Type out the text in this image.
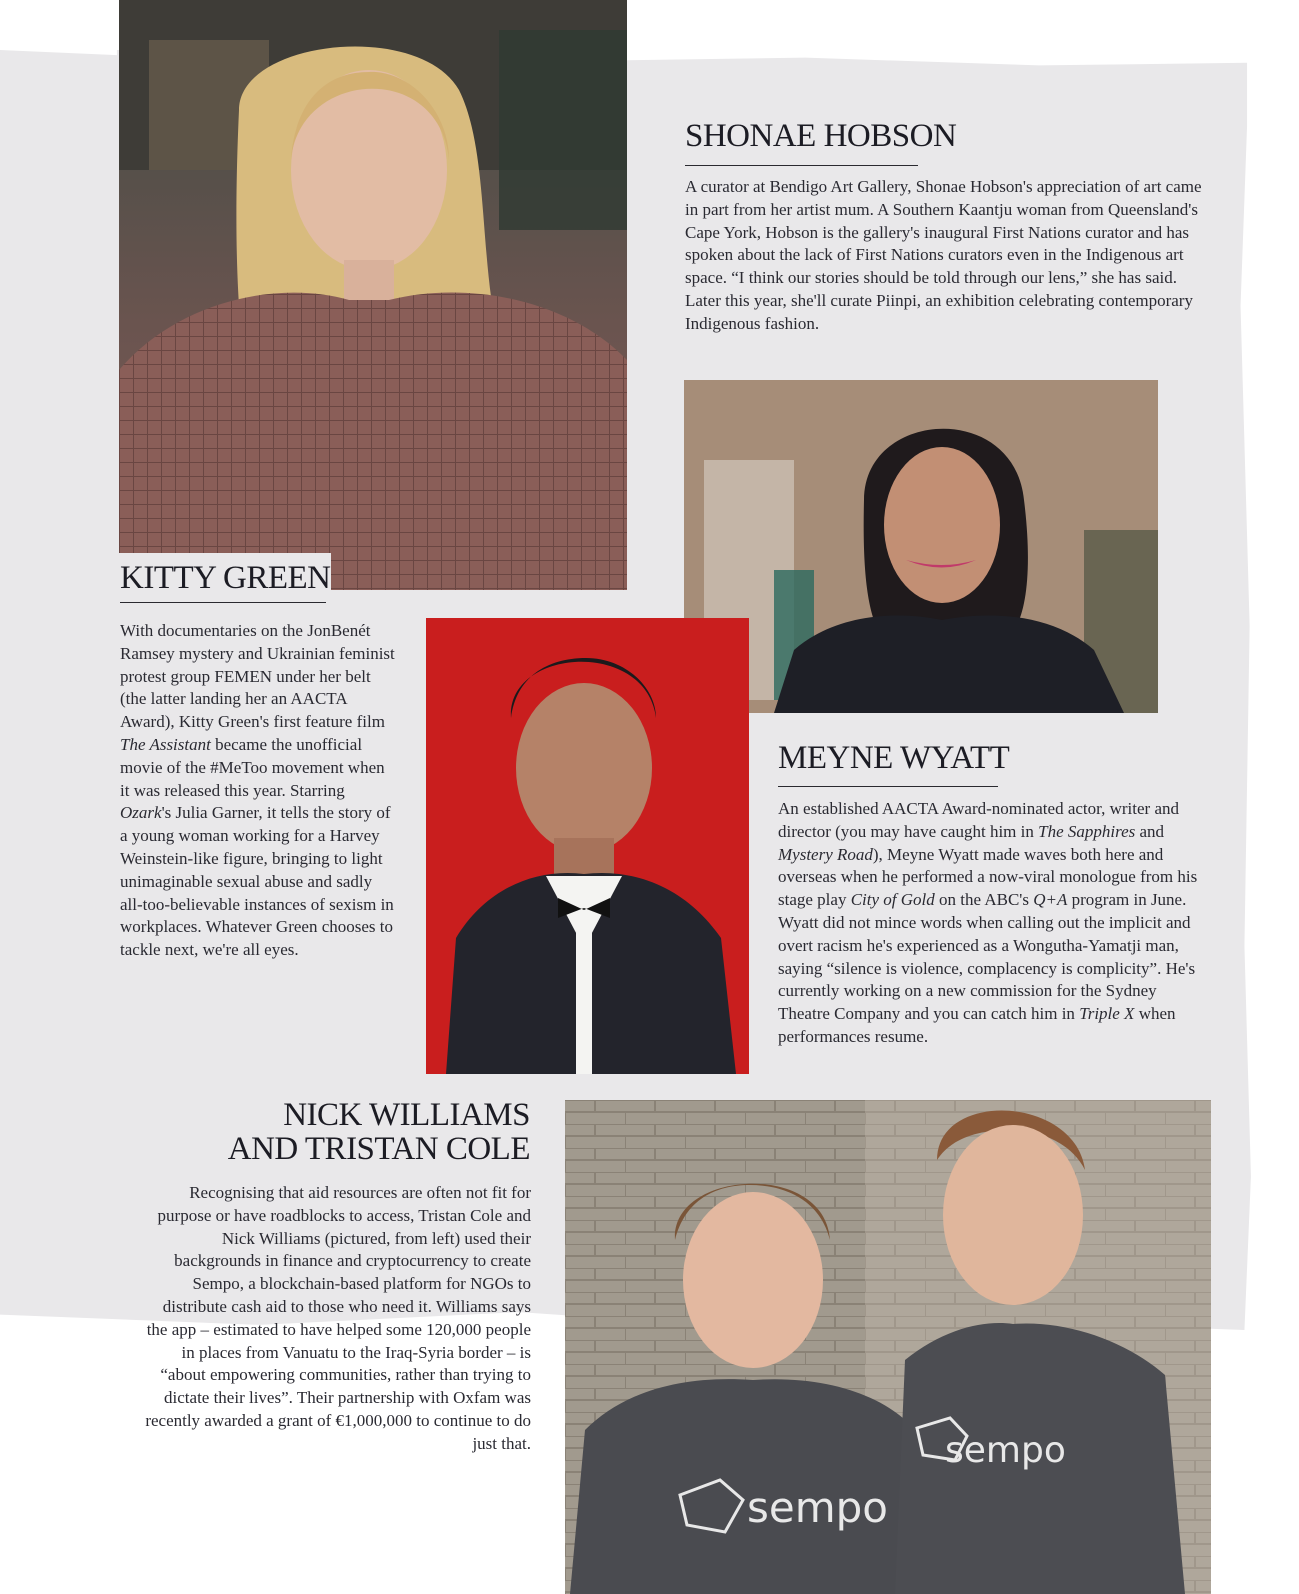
KITTY GREEN

With documentaries on the JonBenét Ramsey mystery and Ukrainian feminist protest group FEMEN under her belt (the latter landing her an AACTA Award), Kitty Green's first feature film The Assistant became the unofficial movie of the #MeToo movement when it was released this year. Starring Ozark's Julia Garner, it tells the story of a young woman working for a Harvey Weinstein-like figure, bringing to light unimaginable sexual abuse and sadly all-too-believable instances of sexism in workplaces. Whatever Green chooses to tackle next, we're all eyes.

SHONAE HOBSON

A curator at Bendigo Art Gallery, Shonae Hobson's appreciation of art came in part from her artist mum. A Southern Kaantju woman from Queensland's Cape York, Hobson is the gallery's inaugural First Nations curator and has spoken about the lack of First Nations curators even in the Indigenous art space. “I think our stories should be told through our lens,” she has said. Later this year, she'll curate Piinpi, an exhibition celebrating contemporary Indigenous fashion.

MEYNE WYATT

An established AACTA Award-nominated actor, writer and director (you may have caught him in The Sapphires and Mystery Road), Meyne Wyatt made waves both here and overseas when he performed a now-viral monologue from his stage play City of Gold on the ABC's Q+A program in June. Wyatt did not mince words when calling out the implicit and overt racism he's experienced as a Wongutha-Yamatji man, saying “silence is violence, complacency is complicity”. He's currently working on a new commission for the Sydney Theatre Company and you can catch him in Triple X when performances resume.

NICK WILLIAMS
AND TRISTAN COLE

Recognising that aid resources are often not fit for purpose or have roadblocks to access, Tristan Cole and Nick Williams (pictured, from left) used their backgrounds in finance and cryptocurrency to create Sempo, a blockchain-based platform for NGOs to distribute cash aid to those who need it. Williams says the app – estimated to have helped some 120,000 people in places from Vanuatu to the Iraq-Syria border – is “about empowering communities, rather than trying to dictate their lives”. Their partnership with Oxfam was recently awarded a grant of €1,000,000 to continue to do just that.

sempo
sempo
